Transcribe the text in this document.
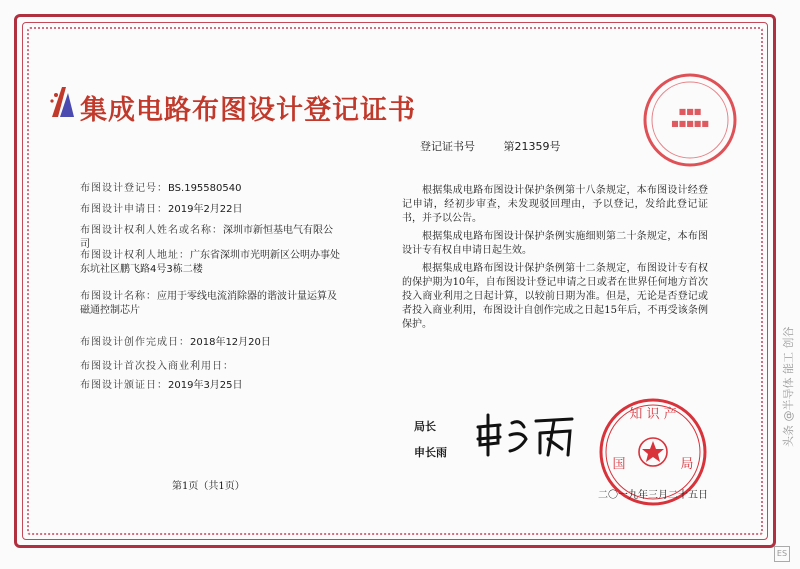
集成电路布图设计登记证书
登记证书号	第21359号
布图设计登记号：BS.195580540
布图设计申请日：2019年2月22日
布图设计权利人姓名或名称：深圳市新恒基电气有限公司
布图设计权利人地址：广东省深圳市光明新区公明办事处东坑社区鹏飞路4号3栋二楼
布图设计名称：应用于零线电流消除器的谐波计量运算及磁通控制芯片
布图设计创作完成日：2018年12月20日
布图设计首次投入商业利用日：
布图设计颁证日：2019年3月25日

根据集成电路布图设计保护条例第十八条规定，本布图设计经登记申请，经初步审查，未发现驳回理由，予以登记，发给此登记证书，并予以公告。

根据集成电路布图设计保护条例实施细则第二十条规定，本布图设计专有权自申请日起生效。

根据集成电路布图设计保护条例第十二条规定，布图设计专有权的保护期为10年，自布图设计登记申请之日或者在世界任何地方首次投入商业利用之日起计算，以较前日期为准。但是，无论是否登记或者投入商业利用，布图设计自创作完成之日起15年后，不再受该条例保护。

■■■
■■■■■
局长
申长雨
知 识 产
国	局
二〇一九年三月二十五日
第1页（共1页）
头条 @半导体 能工 创谷
ES
